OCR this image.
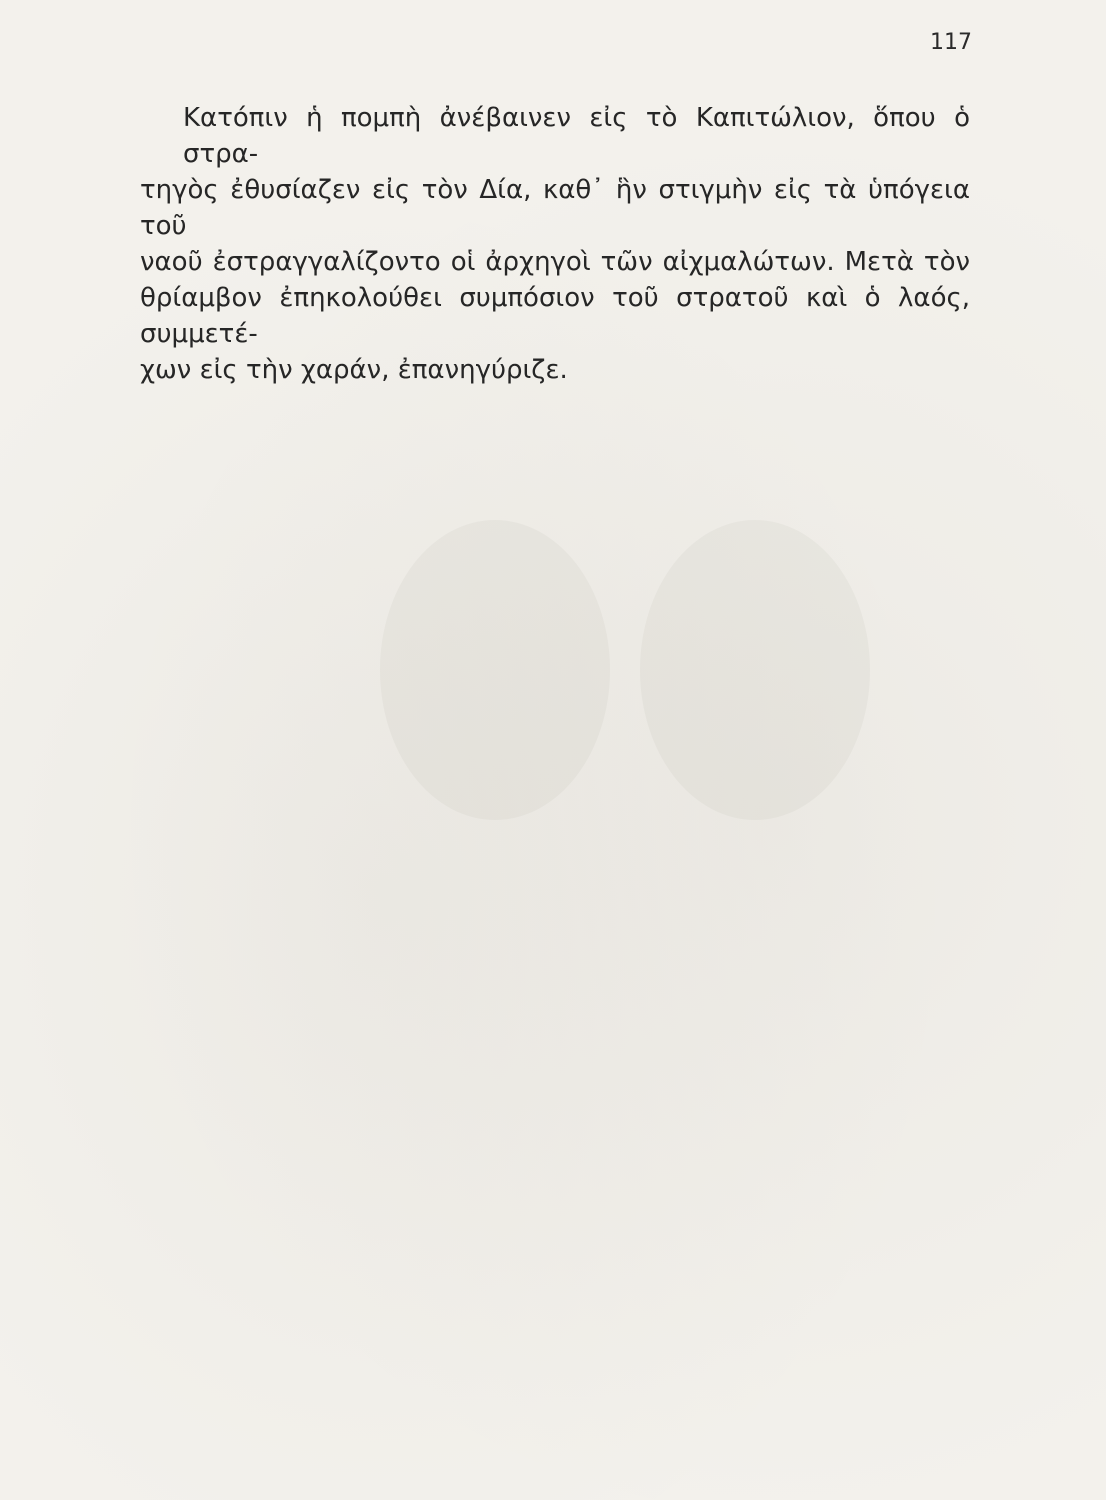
117
Κατόπιν ἡ πομπὴ ἀνέβαινεν εἰς τὸ Καπιτώλιον, ὅπου ὁ στρα-
τηγὸς ἐθυσίαζεν εἰς τὸν Δία, καθ᾿ ἣν στιγμὴν εἰς τὰ ὑπόγεια τοῦ
ναοῦ ἐστραγγαλίζοντο οἱ ἀρχηγοὶ τῶν αἰχμαλώτων. Μετὰ τὸν
θρίαμβον ἐπηκολούθει συμπόσιον τοῦ στρατοῦ καὶ ὁ λαός, συμμετέ-
χων εἰς τὴν χαράν, ἐπανηγύριζε.
